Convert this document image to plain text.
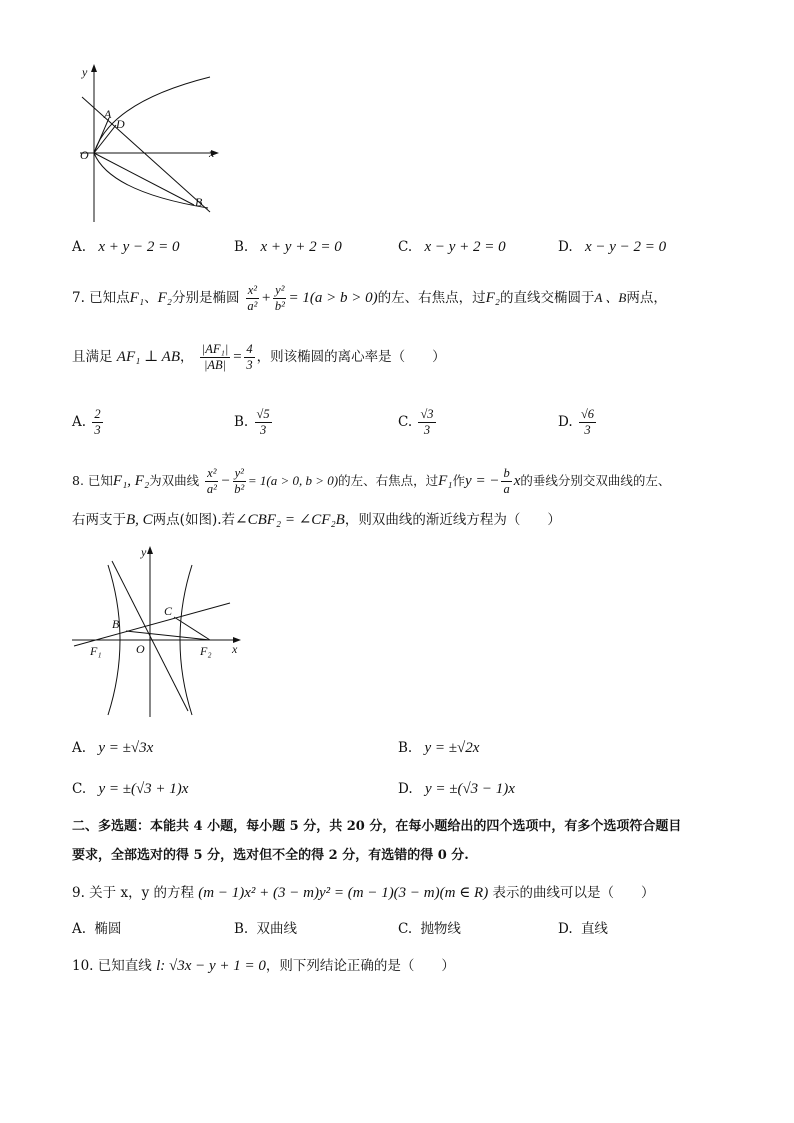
y
x
O
A
D
B
A. x + y − 2 = 0	B. x + y + 2 = 0	C. x − y + 2 = 0	D. x − y − 2 = 0
7. 已知点F₁、F₂分别是椭圆 $\frac{\text{x²}}{\text{a²}} + \frac{\text{y²}}{\text{b²}} = 1(a > b > 0)$的左、右焦点，过F₂的直线交椭圆于A 、B两点，
且满足 AF₁ ⊥ AB， $\frac{\text{|AF₁|}}{|AB|} = \frac{4}{3}$ ，则该椭圆的离心率是（　　）
A. $\frac{2}{3}$	B. $\frac{√5}{3}$	C. $\frac{√3}{3}$	D. $\frac{√6}{3}$
8. 已知F₁, F₂为双曲线 $\frac{\text{x²}}{\text{a²}} - \frac{\text{y²}}{\text{b²}} = 1(a > 0$, b > 0)的左、右焦点，过F₁作y = − $\frac{b}{a}$ x的垂线分别交双曲线的左、
右两支于B, C两点(如图).若∠CBF₂ = ∠CF₂B，则双曲线的渐近线方程为（　　）
y
x
O
B
C
F₁	F₂
A. y = ±√3x	B. y = ±√2x
C. y = ±(√3 + 1)x	D. y = ±(√3 − 1)x
二、多选题：本能共 4 小题，每小题 5 分，共 20 分，在每小题给出的四个选项中，有多个选项符合题目
要求，全部选对的得 5 分，选对但不全的得 2 分，有选错的得 0 分.
9. 关于 x，y 的方程 (m − 1)x² + (3 − m)y² = (m − 1)(3 − m)(m ∈ R) 表示的曲线可以是（　　）
A. 椭圆	B. 双曲线	C. 抛物线	D. 直线
10. 已知直线 l: √3x − y + 1 = 0，则下列结论正确的是（　　）
